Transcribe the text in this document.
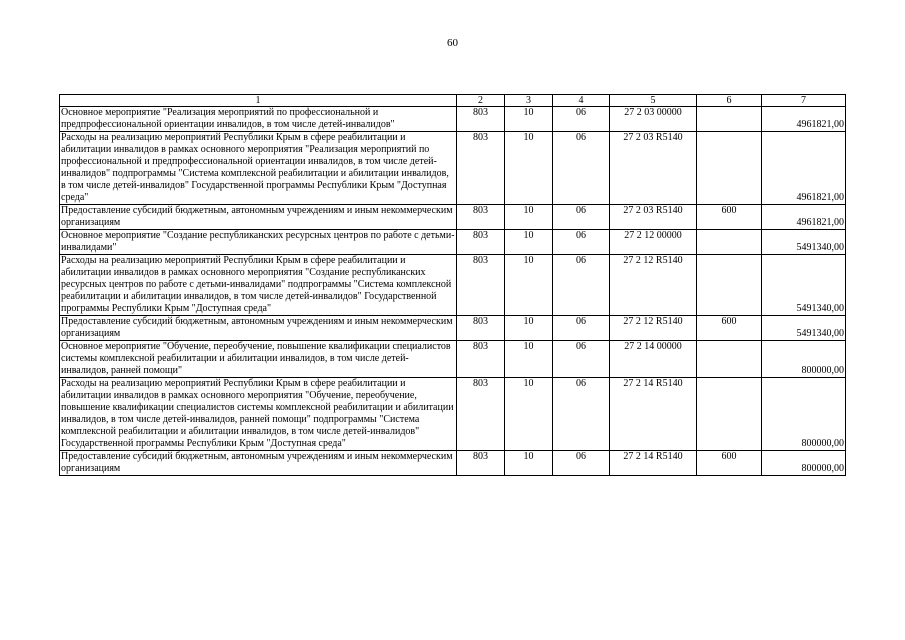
60
1	2	3	4	5	6	7
Основное мероприятие "Реализация мероприятий по профессиональной и предпрофессиональной ориентации инвалидов, в том числе детей-инвалидов"	803	10	06	27 2 03 00000		4961821,00
Расходы на реализацию мероприятий Республики Крым в сфере реабилитации и абилитации инвалидов в рамках основного мероприятия "Реализация мероприятий по профессиональной и предпрофессиональной ориентации инвалидов, в том числе детей-инвалидов" подпрограммы "Система комплексной реабилитации и абилитации инвалидов, в том числе детей-инвалидов" Государственной программы Республики Крым "Доступная среда"	803	10	06	27 2 03 R5140		4961821,00
Предоставление субсидий бюджетным, автономным учреждениям и иным некоммерческим организациям	803	10	06	27 2 03 R5140	600	4961821,00
Основное мероприятие "Создание республиканских ресурсных центров по работе с детьми-инвалидами"	803	10	06	27 2 12 00000		5491340,00
Расходы на реализацию мероприятий Республики Крым в сфере реабилитации и абилитации инвалидов в рамках основного мероприятия "Создание республиканских ресурсных центров по работе с детьми-инвалидами" подпрограммы "Система комплексной реабилитации и абилитации инвалидов, в том числе детей-инвалидов" Государственной программы Республики Крым "Доступная среда"	803	10	06	27 2 12 R5140		5491340,00
Предоставление субсидий бюджетным, автономным учреждениям и иным некоммерческим организациям	803	10	06	27 2 12 R5140	600	5491340,00
Основное мероприятие "Обучение, переобучение, повышение квалификации специалистов системы комплексной реабилитации и абилитации инвалидов, в том числе детей-инвалидов, ранней помощи"	803	10	06	27 2 14 00000		800000,00
Расходы на реализацию мероприятий Республики Крым в сфере реабилитации и абилитации инвалидов в рамках основного мероприятия "Обучение, переобучение, повышение квалификации специалистов системы комплексной реабилитации и абилитации инвалидов, в том числе детей-инвалидов, ранней помощи" подпрограммы "Система комплексной реабилитации и абилитации инвалидов, в том числе детей-инвалидов" Государственной программы Республики Крым "Доступная среда"	803	10	06	27 2 14 R5140		800000,00
Предоставление субсидий бюджетным, автономным учреждениям и иным некоммерческим организациям	803	10	06	27 2 14 R5140	600	800000,00
